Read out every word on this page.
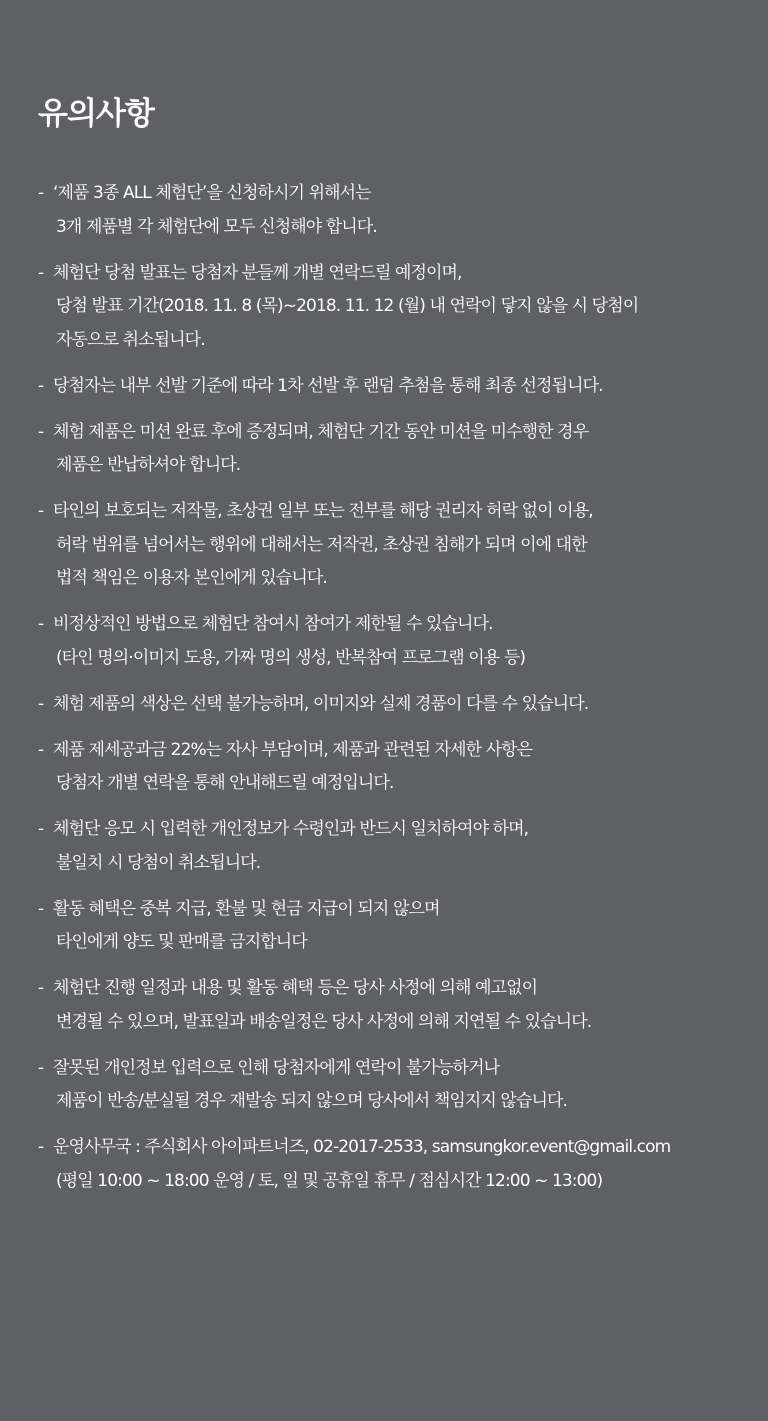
유의사항
- ‘제품 3종 ALL 체험단’을 신청하시기 위해서는
3개 제품별 각 체험단에 모두 신청해야 합니다.
- 체험단 당첨 발표는 당첨자 분들께 개별 연락드릴 예정이며,
당첨 발표 기간(2018. 11. 8 (목)~2018. 11. 12 (월) 내 연락이 닿지 않을 시 당첨이
자동으로 취소됩니다.
- 당첨자는 내부 선발 기준에 따라 1차 선발 후 랜덤 추첨을 통해 최종 선정됩니다.
- 체험 제품은 미션 완료 후에 증정되며, 체험단 기간 동안 미션을 미수행한 경우
제품은 반납하셔야 합니다.
- 타인의 보호되는 저작물, 초상권 일부 또는 전부를 해당 권리자 허락 없이 이용,
허락 범위를 넘어서는 행위에 대해서는 저작권, 초상권 침해가 되며 이에 대한
법적 책임은 이용자 본인에게 있습니다.
- 비정상적인 방법으로 체험단 참여시 참여가 제한될 수 있습니다.
(타인 명의·이미지 도용, 가짜 명의 생성, 반복참여 프로그램 이용 등)
- 체험 제품의 색상은 선택 불가능하며, 이미지와 실제 경품이 다를 수 있습니다.
- 제품 제세공과금 22%는 자사 부담이며, 제품과 관련된 자세한 사항은
당첨자 개별 연락을 통해 안내해드릴 예정입니다.
- 체험단 응모 시 입력한 개인정보가 수령인과 반드시 일치하여야 하며,
불일치 시 당첨이 취소됩니다.
- 활동 혜택은 중복 지급, 환불 및 현금 지급이 되지 않으며
타인에게 양도 및 판매를 금지합니다
- 체험단 진행 일정과 내용 및 활동 혜택 등은 당사 사정에 의해 예고없이
변경될 수 있으며, 발표일과 배송일정은 당사 사정에 의해 지연될 수 있습니다.
- 잘못된 개인정보 입력으로 인해 당첨자에게 연락이 불가능하거나
제품이 반송/분실될 경우 재발송 되지 않으며 당사에서 책임지지 않습니다.
- 운영사무국 : 주식회사 아이파트너즈, 02-2017-2533, samsungkor.event@gmail.com
(평일 10:00 ~ 18:00 운영 / 토, 일 및 공휴일 휴무 / 점심시간 12:00 ~ 13:00)
